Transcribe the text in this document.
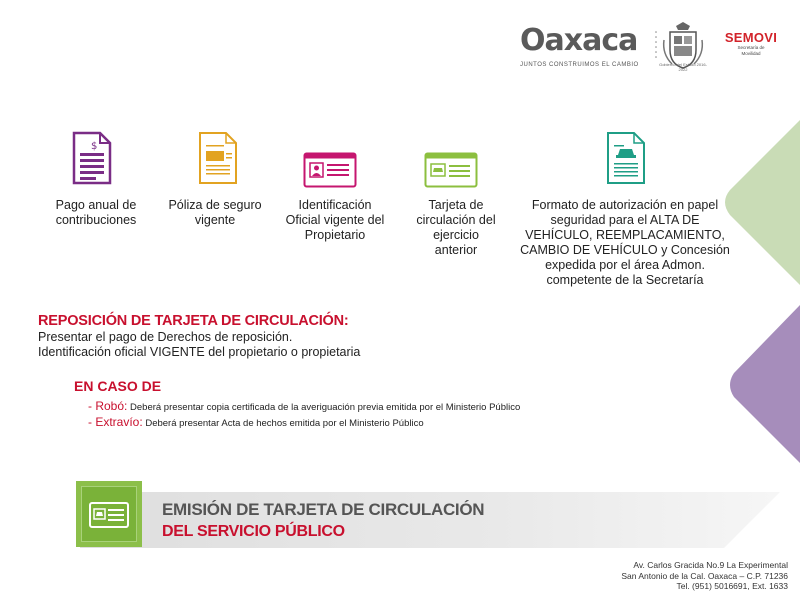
Oaxaca
JUNTOS CONSTRUIMOS EL CAMBIO	Gobierno del Estado 2016-2022
SEMOVI
Secretaría de
Movilidad
$
Pago anual de contribuciones
Póliza de seguro vigente
Identificación Oficial vigente del Propietario
Tarjeta de circulación del ejercicio anterior
Formato de autorización en papel seguridad para el ALTA DE VEHÍCULO, REEMPLACAMIENTO, CAMBIO DE VEHÍCULO y Concesión expedida por el área Admon. competente de la Secretaría
REPOSICIÓN DE TARJETA DE CIRCULACIÓN:
Presentar el pago de Derechos de reposición.
Identificación oficial VIGENTE del propietario o propietaria
EN CASO DE
- Robó: Deberá presentar copia certificada de la averiguación previa emitida por el Ministerio Público
- Extravío: Deberá presentar Acta de hechos emitida por el Ministerio Público
EMISIÓN DE TARJETA DE CIRCULACIÓN
DEL SERVICIO PÚBLICO
Av. Carlos Gracida No.9 La Experimental
San Antonio de la Cal. Oaxaca – C.P. 71236
Tel. (951) 5016691, Ext. 1633
